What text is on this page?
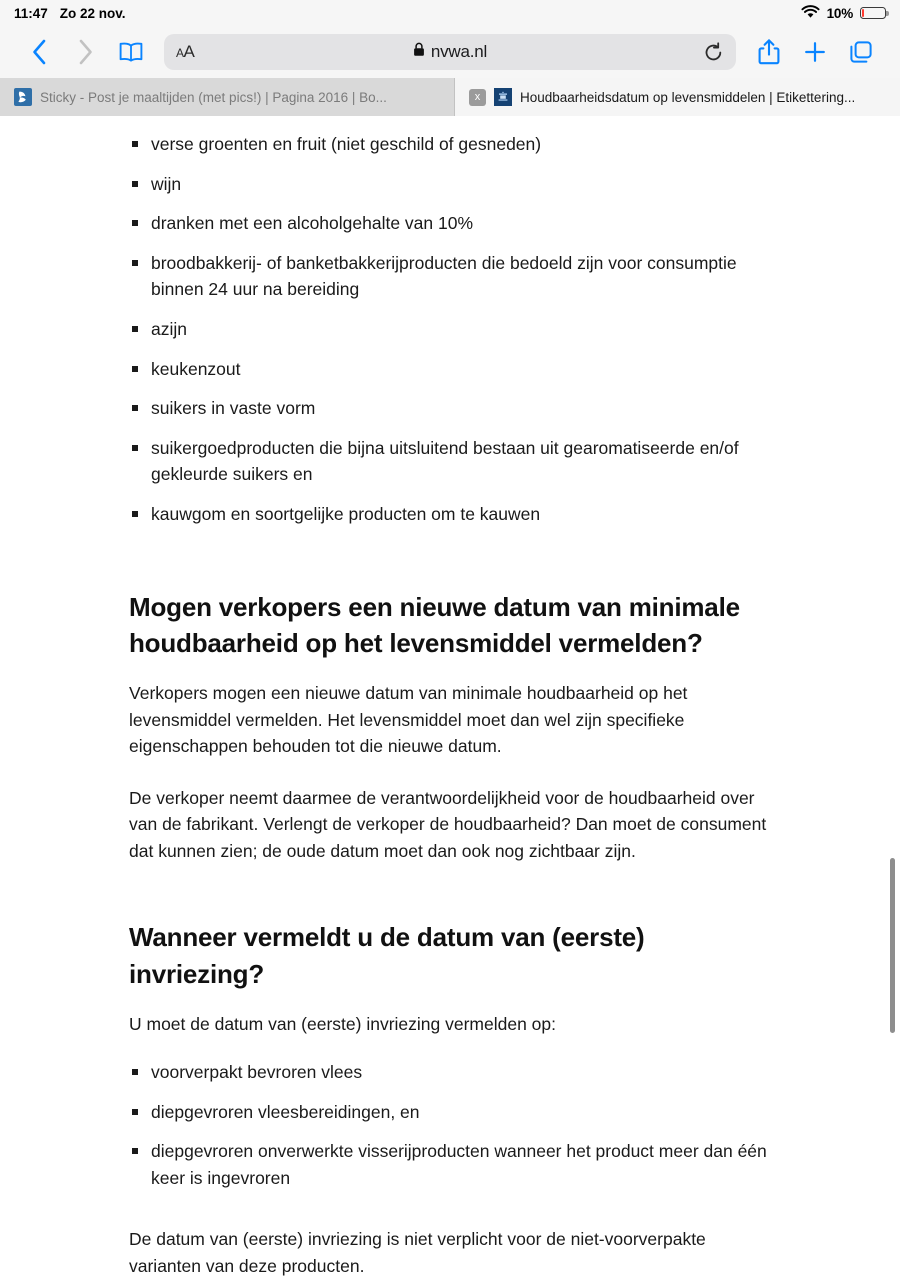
11:47 Zo 22 nov.	10%
A A	nvwa.nl
Sticky - Post je maaltijden (met pics!) | Pagina 2016 | Bo...	x	Houdbaarheidsdatum op levensmiddelen | Etikettering...
verse groenten en fruit (niet geschild of gesneden)
wijn
dranken met een alcoholgehalte van 10%
broodbakkerij- of banketbakkerijproducten die bedoeld zijn voor consumptie binnen 24 uur na bereiding
azijn
keukenzout
suikers in vaste vorm
suikergoedproducten die bijna uitsluitend bestaan uit gearomatiseerde en/of gekleurde suikers en
kauwgom en soortgelijke producten om te kauwen
Mogen verkopers een nieuwe datum van minimale houdbaarheid op het levensmiddel vermelden?

Verkopers mogen een nieuwe datum van minimale houdbaarheid op het levensmiddel vermelden. Het levensmiddel moet dan wel zijn specifieke eigenschappen behouden tot die nieuwe datum.

De verkoper neemt daarmee de verantwoordelijkheid voor de houdbaarheid over van de fabrikant. Verlengt de verkoper de houdbaarheid? Dan moet de consument dat kunnen zien; de oude datum moet dan ook nog zichtbaar zijn.

Wanneer vermeldt u de datum van (eerste) invriezing?

U moet de datum van (eerste) invriezing vermelden op:

voorverpakt bevroren vlees
diepgevroren vleesbereidingen, en
diepgevroren onverwerkte visserijproducten wanneer het product meer dan één keer is ingevroren

De datum van (eerste) invriezing is niet verplicht voor de niet-voorverpakte varianten van deze producten.
